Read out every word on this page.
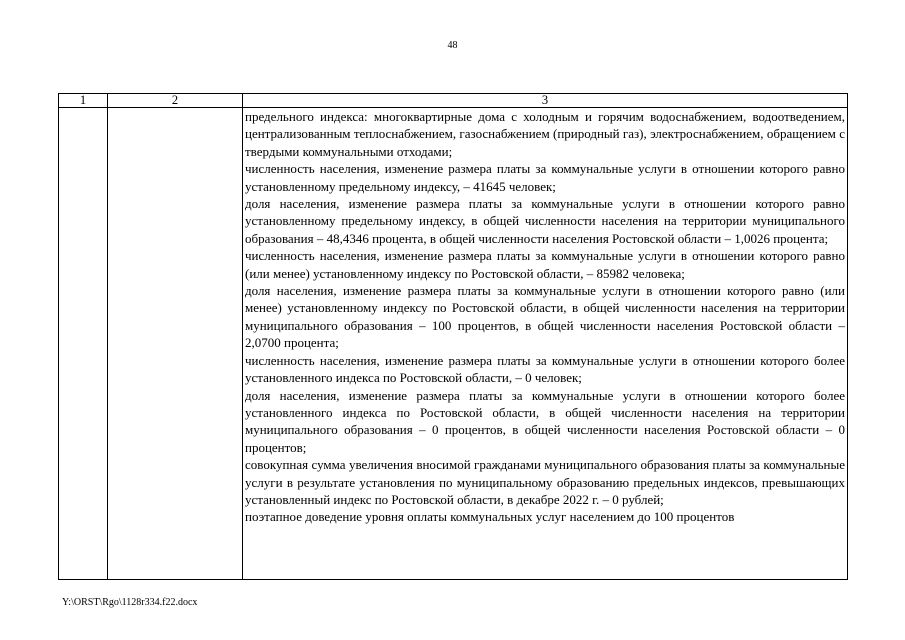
48
1	2	3

предельного индекса: многоквартирные дома с холодным и горячим водоснабжением, водоотведением, централизованным теплоснабжением, газоснабжением (природный газ), электроснабжением, обращением с твердыми коммунальными отходами;

численность населения, изменение размера платы за коммунальные услуги в отношении которого равно установленному предельному индексу, – 41645 человек;

доля населения, изменение размера платы за коммунальные услуги в отношении которого равно установленному предельному индексу, в общей численности населения на территории муниципального образования – 48,4346 процента, в общей численности населения Ростовской области – 1,0026 процента;

численность населения, изменение размера платы за коммунальные услуги в отношении которого равно (или менее) установленному индексу по Ростовской области, – 85982 человека;

доля населения, изменение размера платы за коммунальные услуги в отношении которого равно (или менее) установленному индексу по Ростовской области, в общей численности населения на территории муниципального образования – 100 процентов, в общей численности населения Ростовской области – 2,0700 процента;

численность населения, изменение размера платы за коммунальные услуги в отношении которого более установленного индекса по Ростовской области, – 0 человек;

доля населения, изменение размера платы за коммунальные услуги в отношении которого более установленного индекса по Ростовской области, в общей численности населения на территории муниципального образования – 0 процентов, в общей численности населения Ростовской области – 0 процентов;

совокупная сумма увеличения вносимой гражданами муниципального образования платы за коммунальные услуги в результате установления по муниципальному образованию предельных индексов, превышающих установленный индекс по Ростовской области, в декабре 2022 г. – 0 рублей;

поэтапное доведение уровня оплаты коммунальных услуг населением до 100 процентов

Y:\ORST\Rgo\1128r334.f22.docx
